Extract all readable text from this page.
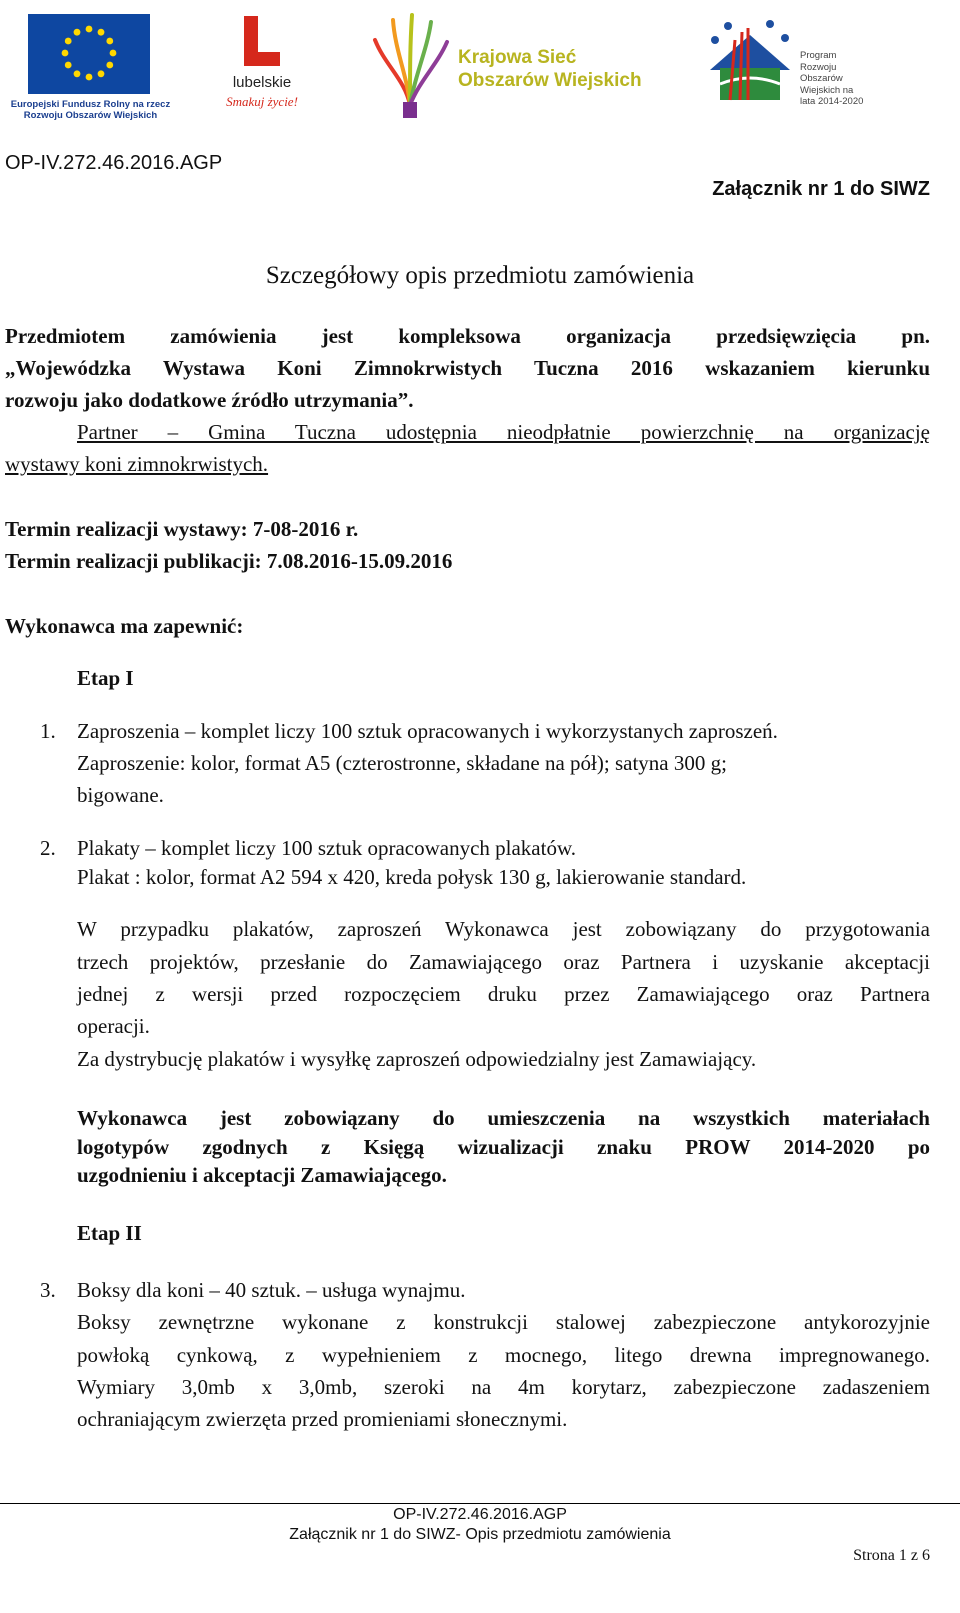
Europejski Fundusz Rolny na rzecz Rozwoju Obszarów Wiejskich
lubelskie
Smakuj życie!
Krajowa Sieć
Obszarów Wiejskich
Program Rozwoju Obszarów Wiejskich na lata 2014-2020
OP-IV.272.46.2016.AGP
Załącznik nr 1 do SIWZ
Szczegółowy opis przedmiotu zamówienia
Przedmiotem zamówienia jest kompleksowa organizacja przedsięwzięcia pn.
„Wojewódzka Wystawa Koni Zimnokrwistych Tuczna 2016 wskazaniem kierunku
rozwoju jako dodatkowe źródło utrzymania”.
Partner – Gmina Tuczna udostępnia nieodpłatnie powierzchnię na organizację
wystawy koni zimnokrwistych.
Termin realizacji wystawy: 7-08-2016 r.
Termin realizacji publikacji: 7.08.2016-15.09.2016
Wykonawca ma zapewnić:
Etap I
1. Zaproszenia – komplet liczy 100 sztuk opracowanych i wykorzystanych zaproszeń.
Zaproszenie: kolor, format A5 (czterostronne, składane na pół); satyna 300 g;
bigowane.
2. Plakaty – komplet liczy 100 sztuk opracowanych plakatów.
Plakat : kolor, format A2 594 x 420, kreda połysk 130 g, lakierowanie standard.
W przypadku plakatów, zaproszeń Wykonawca jest zobowiązany do przygotowania
trzech projektów, przesłanie do Zamawiającego oraz Partnera i uzyskanie akceptacji
jednej z wersji przed rozpoczęciem druku przez Zamawiającego oraz Partnera
operacji.
Za dystrybucję plakatów i wysyłkę zaproszeń odpowiedzialny jest Zamawiający.
Wykonawca jest zobowiązany do umieszczenia na wszystkich materiałach
logotypów zgodnych z Księgą wizualizacji znaku PROW 2014-2020 po
uzgodnieniu i akceptacji Zamawiającego.
Etap II
3. Boksy dla koni – 40 sztuk. – usługa wynajmu.
Boksy zewnętrzne wykonane z konstrukcji stalowej zabezpieczone antykorozyjnie
powłoką cynkową, z wypełnieniem z mocnego, litego drewna impregnowanego.
Wymiary 3,0mb x 3,0mb, szeroki na 4m korytarz, zabezpieczone zadaszeniem
ochraniającym zwierzęta przed promieniami słonecznymi.
OP-IV.272.46.2016.AGP
Załącznik nr 1 do SIWZ- Opis przedmiotu zamówienia
Strona 1 z 6
